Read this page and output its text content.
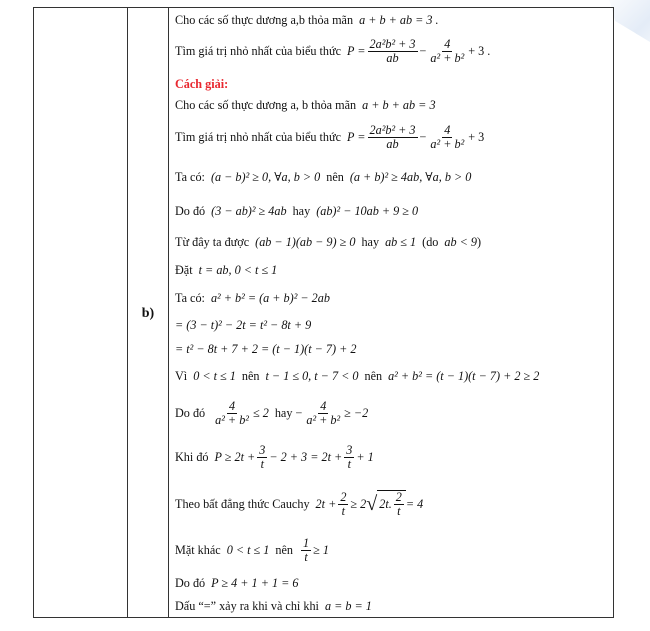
	b)	
Cho các số thực dương a,b thỏa mãn a + b + ab = 3 .
Tìm giá trị nhỏ nhất của biểu thức $P = \frac{\text{2a²b² + 3}}{ab} - \frac{4}{\text{a² + b²}} + 3$ .
Cách giải:
Cho các số thực dương a, b thỏa mãn a + b + ab = 3
Tìm giá trị nhỏ nhất của biểu thức $P = \frac{\text{2a²b² + 3}}{ab} - \frac{4}{\text{a² + b²}} + 3$
Ta có: (a − b)² ≥ 0, ∀a, b > 0 nên (a + b)² ≥ 4ab, ∀a, b > 0
Do đó (3 − ab)² ≥ 4ab hay (ab)² − 10ab + 9 ≥ 0
Từ đây ta được (ab − 1)(ab − 9) ≥ 0 hay ab ≤ 1 (do ab < 9 )
Đặt t = ab, 0 < t ≤ 1
Ta có: a² + b² = (a + b)² − 2ab
= (3 − t)² − 2t = t² − 8t + 9
= t² − 8t + 7 + 2 = (t − 1)(t − 7) + 2
Vì 0 < t ≤ 1 nên t − 1 ≤ 0, t − 7 < 0 nên a² + b² = (t − 1)(t − 7) + 2 ≥ 2
Do đó $\frac{4}{\text{a² + b²}} \le 2$ hay − $\frac{4}{\text{a² + b²}} \ge -2$
Khi đó $P \ge 2t + \frac{3}{t} - 2 + 3 = 2t + \frac{3}{t} + 1$
Theo bất đẳng thức Cauchy $2t + \frac{2}{t} \ge 2$ √ 2t. $\frac{2}{t} = 4$
Mặt khác 0 < t ≤ 1 nên $\frac{1}{t} \ge 1$
Do đó P ≥ 4 + 1 + 1 = 6
Dấu “=” xảy ra khi và chỉ khi a = b = 1
